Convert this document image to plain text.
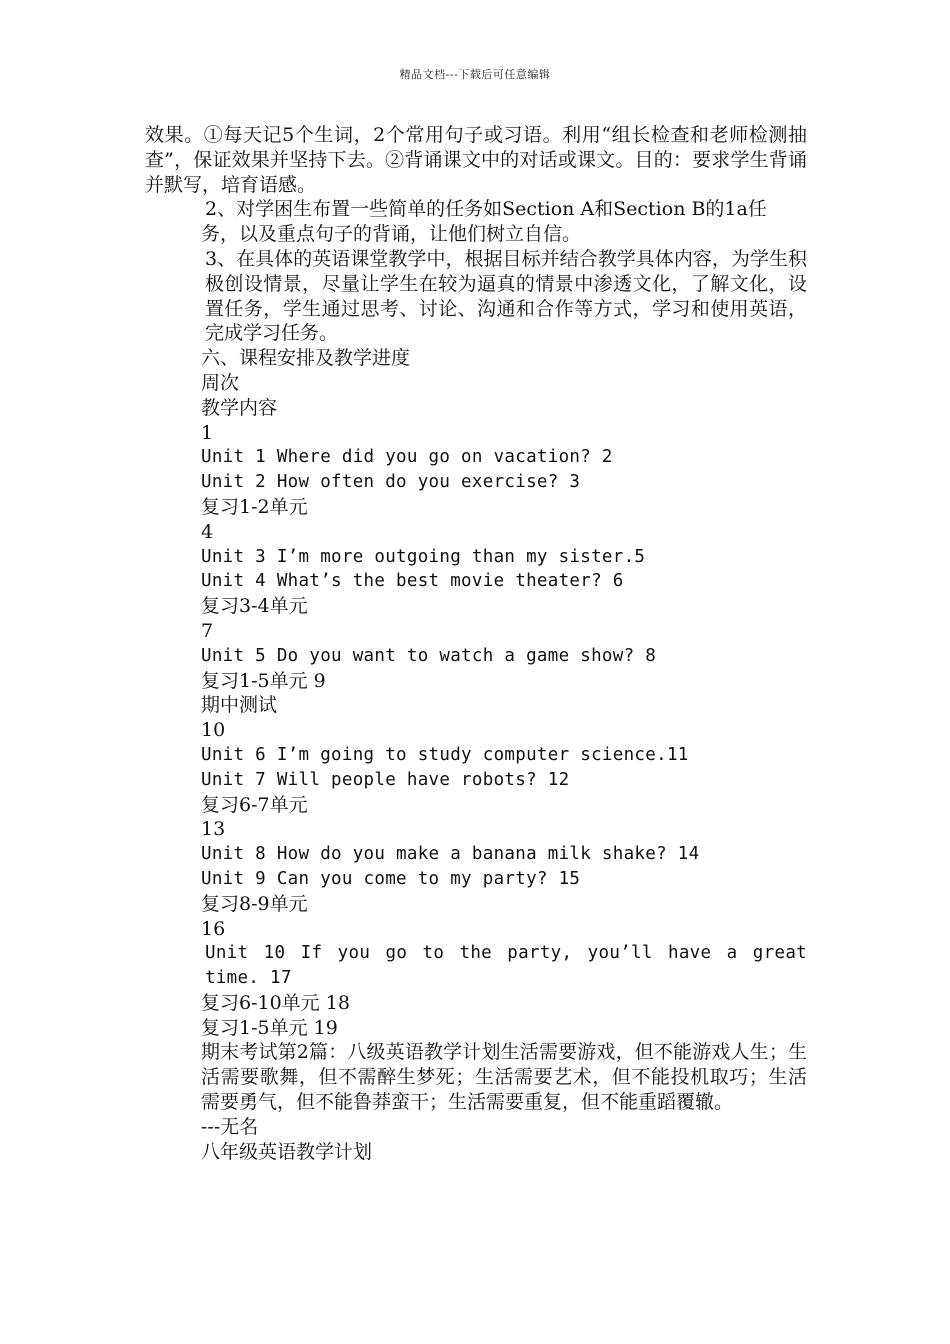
精品文档---下载后可任意编辑

效果。①每天记5个生词，2个常用句子或习语。利用“组长检查和老师检测抽查”，保证效果并坚持下去。②背诵课文中的对话或课文。目的：要求学生背诵并默写，培育语感。

2、对学困生布置一些简单的任务如Section A和Section B的1a任

务，以及重点句子的背诵，让他们树立自信。

3、在具体的英语课堂教学中，根据目标并结合教学具体内容，为学生积极创设情景，尽量让学生在较为逼真的情景中渗透文化，了解文化，设置任务，学生通过思考、讨论、沟通和合作等方式，学习和使用英语，完成学习任务。

六、课程安排及教学进度

周次

教学内容

1

Unit 1 Where did you go on vacation? 2

Unit 2 How often do you exercise? 3

复习1-2单元

4

Unit 3 I’m more outgoing than my sister.5

Unit 4 What’s the best movie theater? 6

复习3-4单元

7

Unit 5 Do you want to watch a game show? 8

复习1-5单元 9

期中测试

10

Unit 6 I’m going to study computer science.11

Unit 7 Will people have robots? 12

复习6-7单元

13

Unit 8 How do you make a banana milk shake? 14

Unit 9 Can you come to my party? 15

复习8-9单元

16

Unit 10 If you go to the party, you’ll have a great time. 17

复习6-10单元 18

复习1-5单元 19

期末考试第2篇：八级英语教学计划生活需要游戏，但不能游戏人生；生活需要歌舞，但不需醉生梦死；生活需要艺术，但不能投机取巧；生活需要勇气，但不能鲁莽蛮干；生活需要重复，但不能重蹈覆辙。

---无名

八年级英语教学计划
